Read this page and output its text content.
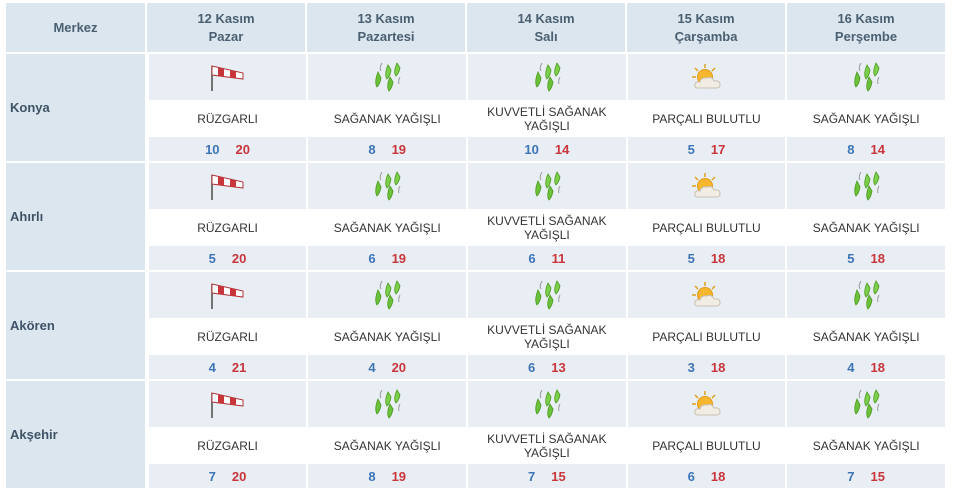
Merkez
12 Kasım
Pazar
13 Kasım
Pazartesi
14 Kasım
Salı
15 Kasım
Çarşamba
16 Kasım
Perşembe
Konya
RÜZGARLI
10 20
SAĞANAK YAĞIŞLI
8 19
KUVVETLİ SAĞANAK YAĞIŞLI
10 14
PARÇALI BULUTLU
5 17
SAĞANAK YAĞIŞLI
8 14
Ahırlı
RÜZGARLI
5 20
SAĞANAK YAĞIŞLI
6 19
KUVVETLİ SAĞANAK YAĞIŞLI
6 11
PARÇALI BULUTLU
5 18
SAĞANAK YAĞIŞLI
5 18
Akören
RÜZGARLI
4 21
SAĞANAK YAĞIŞLI
4 20
KUVVETLİ SAĞANAK YAĞIŞLI
6 13
PARÇALI BULUTLU
3 18
SAĞANAK YAĞIŞLI
4 18
Akşehir
RÜZGARLI
7 20
SAĞANAK YAĞIŞLI
8 19
KUVVETLİ SAĞANAK YAĞIŞLI
7 15
PARÇALI BULUTLU
6 18
SAĞANAK YAĞIŞLI
7 15
